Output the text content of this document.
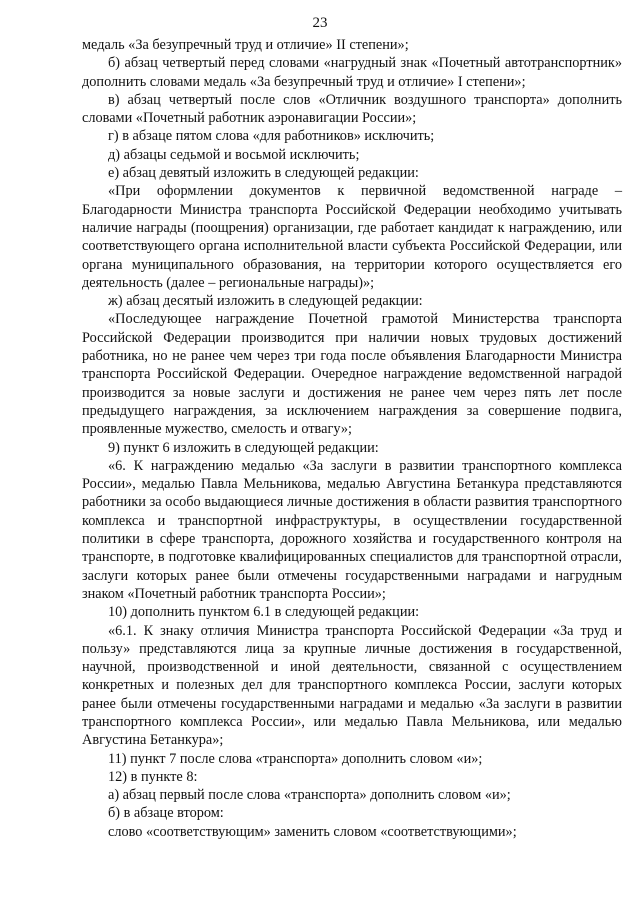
23

медаль «За безупречный труд и отличие» II степени»;

б) абзац четвертый перед словами «нагрудный знак «Почетный автотранспортник» дополнить словами медаль «За безупречный труд и отличие» I степени»;

в) абзац четвертый после слов «Отличник воздушного транспорта» дополнить словами «Почетный работник аэронавигации России»;

г) в абзаце пятом слова «для работников» исключить;

д) абзацы седьмой и восьмой исключить;

е) абзац девятый изложить в следующей редакции:

«При оформлении документов к первичной ведомственной награде – Благодарности Министра транспорта Российской Федерации необходимо учитывать наличие награды (поощрения) организации, где работает кандидат к награждению, или соответствующего органа исполнительной власти субъекта Российской Федерации, или органа муниципального образования, на территории которого осуществляется его деятельность (далее – региональные награды)»;

ж) абзац десятый изложить в следующей редакции:

«Последующее награждение Почетной грамотой Министерства транспорта Российской Федерации производится при наличии новых трудовых достижений работника, но не ранее чем через три года после объявления Благодарности Министра транспорта Российской Федерации. Очередное награждение ведомственной наградой производится за новые заслуги и достижения не ранее чем через пять лет после предыдущего награждения, за исключением награждения за совершение подвига, проявленные мужество, смелость и отвагу»;

9) пункт 6 изложить в следующей редакции:

«6. К награждению медалью «За заслуги в развитии транспортного комплекса России», медалью Павла Мельникова, медалью Августина Бетанкура представляются работники за особо выдающиеся личные достижения в области развития транспортного комплекса и транспортной инфраструктуры, в осуществлении государственной политики в сфере транспорта, дорожного хозяйства и государственного контроля на транспорте, в подготовке квалифицированных специалистов для транспортной отрасли, заслуги которых ранее были отмечены государственными наградами и нагрудным знаком «Почетный работник транспорта России»;

10) дополнить пунктом 6.1 в следующей редакции:

«6.1. К знаку отличия Министра транспорта Российской Федерации «За труд и пользу» представляются лица за крупные личные достижения в государственной, научной, производственной и иной деятельности, связанной с осуществлением конкретных и полезных дел для транспортного комплекса России, заслуги которых ранее были отмечены государственными наградами и медалью «За заслуги в развитии транспортного комплекса России», или медалью Павла Мельникова, или медалью Августина Бетанкура»;

11) пункт 7 после слова «транспорта» дополнить словом «и»;

12) в пункте 8:

а) абзац первый после слова «транспорта» дополнить словом «и»;

б) в абзаце втором:

слово «соответствующим» заменить словом «соответствующими»;
